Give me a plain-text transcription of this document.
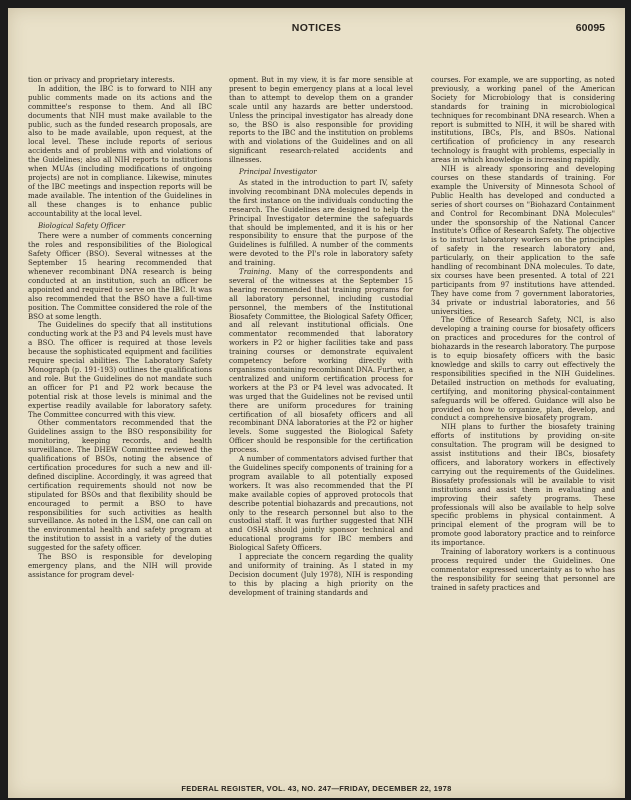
NOTICES	60095

tion or privacy and proprietary interests.

In addition, the IBC is to forward to NIH any public comments made on its actions and the committee's response to them. And all IBC documents that NIH must make available to the public, such as the funded research proposals, are also to be made available, upon request, at the local level. These include reports of serious accidents and of problems with and violations of the Guidelines; also all NIH reports to institutions when MUAs (including modifications of ongoing projects) are not in compliance. Likewise, minutes of the IBC meetings and inspection reports will be made available. The intention of the Guidelines in all these changes is to enhance public accountability at the local level.

Biological Safety Officer

There were a number of comments concerning the roles and responsibilities of the Biological Safety Officer (BSO). Several witnesses at the September 15 hearing recommended that whenever recombinant DNA research is being conducted at an institution, such an officer be appointed and required to serve on the IBC. It was also recommended that the BSO have a full-time position. The Committee considered the role of the BSO at some length.

The Guidelines do specify that all institutions conducting work at the P3 and P4 levels must have a BSO. The officer is required at those levels because the sophisticated equipment and facilities require special abilities. The Laboratory Safety Monograph (p. 191-193) outlines the qualifications and role. But the Guidelines do not mandate such an officer for P1 and P2 work because the potential risk at those levels is minimal and the expertise readily available for laboratory safety. The Committee concurred with this view.

Other commentators recommended that the Guidelines assign to the BSO responsibility for monitoring, keeping records, and health surveillance. The DHEW Committee reviewed the qualifications of BSOs, noting the absence of certification procedures for such a new and ill-defined discipline. Accordingly, it was agreed that certification requirements should not now be stipulated for BSOs and that flexibility should be encouraged to permit a BSO to have responsibilities for such activities as health surveillance. As noted in the LSM, one can call on the environmental health and safety program at the institution to assist in a variety of the duties suggested for the safety officer.

The BSO is responsible for developing emergency plans, and the NIH will provide assistance for program devel-

opment. But in my view, it is far more sensible at present to begin emergency plans at a local level than to attempt to develop them on a grander scale until any hazards are better understood. Unless the principal investigator has already done so, the BSO is also responsible for providing reports to the IBC and the institution on problems with and violations of the Guidelines and on all significant research-related accidents and illnesses.

Principal Investigator

As stated in the introduction to part IV, safety involving recombinant DNA molecules depends in the first instance on the individuals conducting the research. The Guidelines are designed to help the Principal Investigator determine the safeguards that should be implemented, and it is his or her responsibility to ensure that the purpose of the Guidelines is fulfilled. A number of the comments were devoted to the PI's role in laboratory safety and training.

Training. Many of the correspondents and several of the witnesses at the September 15 hearing recommended that training programs for all laboratory personnel, including custodial personnel, the members of the Institutional Biosafety Committee, the Biological Safety Officer, and all relevant institutional officials. One commentator recommended that laboratory workers in P2 or higher facilities take and pass training courses or demonstrate equivalent competency before working directly with organisms containing recombinant DNA. Further, a centralized and uniform certification process for workers at the P3 or P4 level was advocated. It was urged that the Guidelines not be revised until there are uniform procedures for training certification of all biosafety officers and all recombinant DNA laboratories at the P2 or higher levels. Some suggested the Biological Safety Officer should be responsible for the certification process.

A number of commentators advised further that the Guidelines specify components of training for a program available to all potentially exposed workers. It was also recommended that the PI make available copies of approved protocols that describe potential biohazards and precautions, not only to the research personnel but also to the custodial staff. It was further suggested that NIH and OSHA should jointly sponsor technical and educational programs for IBC members and Biological Safety Officers.

I appreciate the concern regarding the quality and uniformity of training. As I stated in my Decision document (July 1978), NIH is responding to this by placing a high priority on the development of training standards and

courses. For example, we are supporting, as noted previously, a working panel of the American Society for Microbiology that is considering standards for training in microbiological techniques for recombinant DNA research. When a report is submitted to NIH, it will be shared with institutions, IBCs, PIs, and BSOs. National certification of proficiency in any research technology is fraught with problems, especially in areas in which knowledge is increasing rapidly.

NIH is already sponsoring and developing courses on these standards of training. For example the University of Minnesota School of Public Health has developed and conducted a series of short courses on "Biohazard Containment and Control for Recombinant DNA Molecules" under the sponsorship of the National Cancer Institute's Office of Research Safety. The objective is to instruct laboratory workers on the principles of safety in the research laboratory and, particularly, on their application to the safe handling of recombinant DNA molecules. To date, six courses have been presented. A total of 221 participants from 97 institutions have attended. They have come from 7 government laboratories, 34 private or industrial laboratories, and 56 universities.

The Office of Research Safety, NCI, is also developing a training course for biosafety officers on practices and procedures for the control of biohazards in the research laboratory. The purpose is to equip biosafety officers with the basic knowledge and skills to carry out effectively the responsibilities specified in the NIH Guidelines. Detailed instruction on methods for evaluating, certifying, and monitoring physical-containment safeguards will be offered. Guidance will also be provided on how to organize, plan, develop, and conduct a comprehensive biosafety program.

NIH plans to further the biosafety training efforts of institutions by providing on-site consultation. The program will be designed to assist institutions and their IBCs, biosafety officers, and laboratory workers in effectively carrying out the requirements of the Guidelines. Biosafety professionals will be available to visit institutions and assist them in evaluating and improving their safety programs. These professionals will also be available to help solve specific problems in physical containment. A principal element of the program will be to promote good laboratory practice and to reinforce its importance.

Training of laboratory workers is a continuous process required under the Guidelines. One commentator expressed uncertainty as to who has the responsibility for seeing that personnel are trained in safety practices and

FEDERAL REGISTER, VOL. 43, NO. 247—FRIDAY, DECEMBER 22, 1978
